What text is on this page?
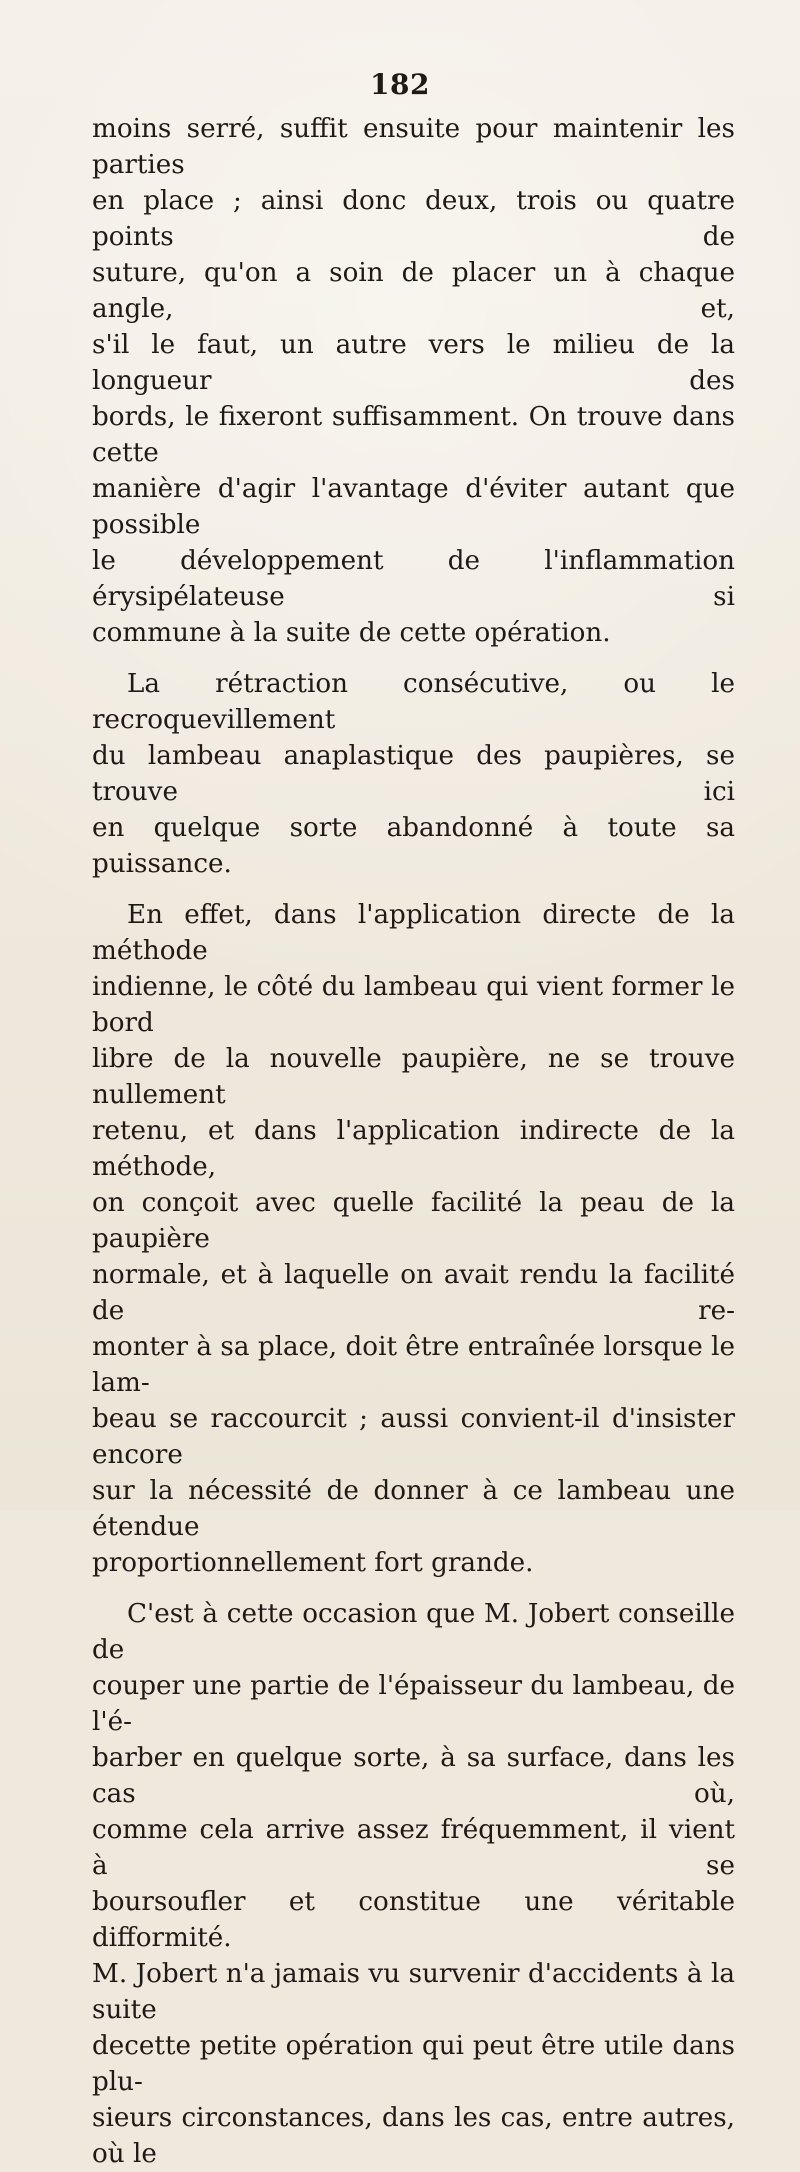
182

moins serré, suffit ensuite pour maintenir les parties
en place ; ainsi donc deux, trois ou quatre points de
suture, qu'on a soin de placer un à chaque angle, et,
s'il le faut, un autre vers le milieu de la longueur des
bords, le fixeront suffisamment. On trouve dans cette
manière d'agir l'avantage d'éviter autant que possible
le développement de l'inflammation érysipélateuse si
commune à la suite de cette opération.

La rétraction consécutive, ou le recroquevillement
du lambeau anaplastique des paupières, se trouve ici
en quelque sorte abandonné à toute sa puissance.

En effet, dans l'application directe de la méthode
indienne, le côté du lambeau qui vient former le bord
libre de la nouvelle paupière, ne se trouve nullement
retenu, et dans l'application indirecte de la méthode,
on conçoit avec quelle facilité la peau de la paupière
normale, et à laquelle on avait rendu la facilité de re-
monter à sa place, doit être entraînée lorsque le lam-
beau se raccourcit ; aussi convient-il d'insister encore
sur la nécessité de donner à ce lambeau une étendue
proportionnellement fort grande.

C'est à cette occasion que M. Jobert conseille de
couper une partie de l'épaisseur du lambeau, de l'é-
barber en quelque sorte, à sa surface, dans les cas où,
comme cela arrive assez fréquemment, il vient à se
boursoufler et constitue une véritable difformité.
M. Jobert n'a jamais vu survenir d'accidents à la suite
decette petite opération qui peut être utile dans plu-
sieurs circonstances, dans les cas, entre autres, où le
